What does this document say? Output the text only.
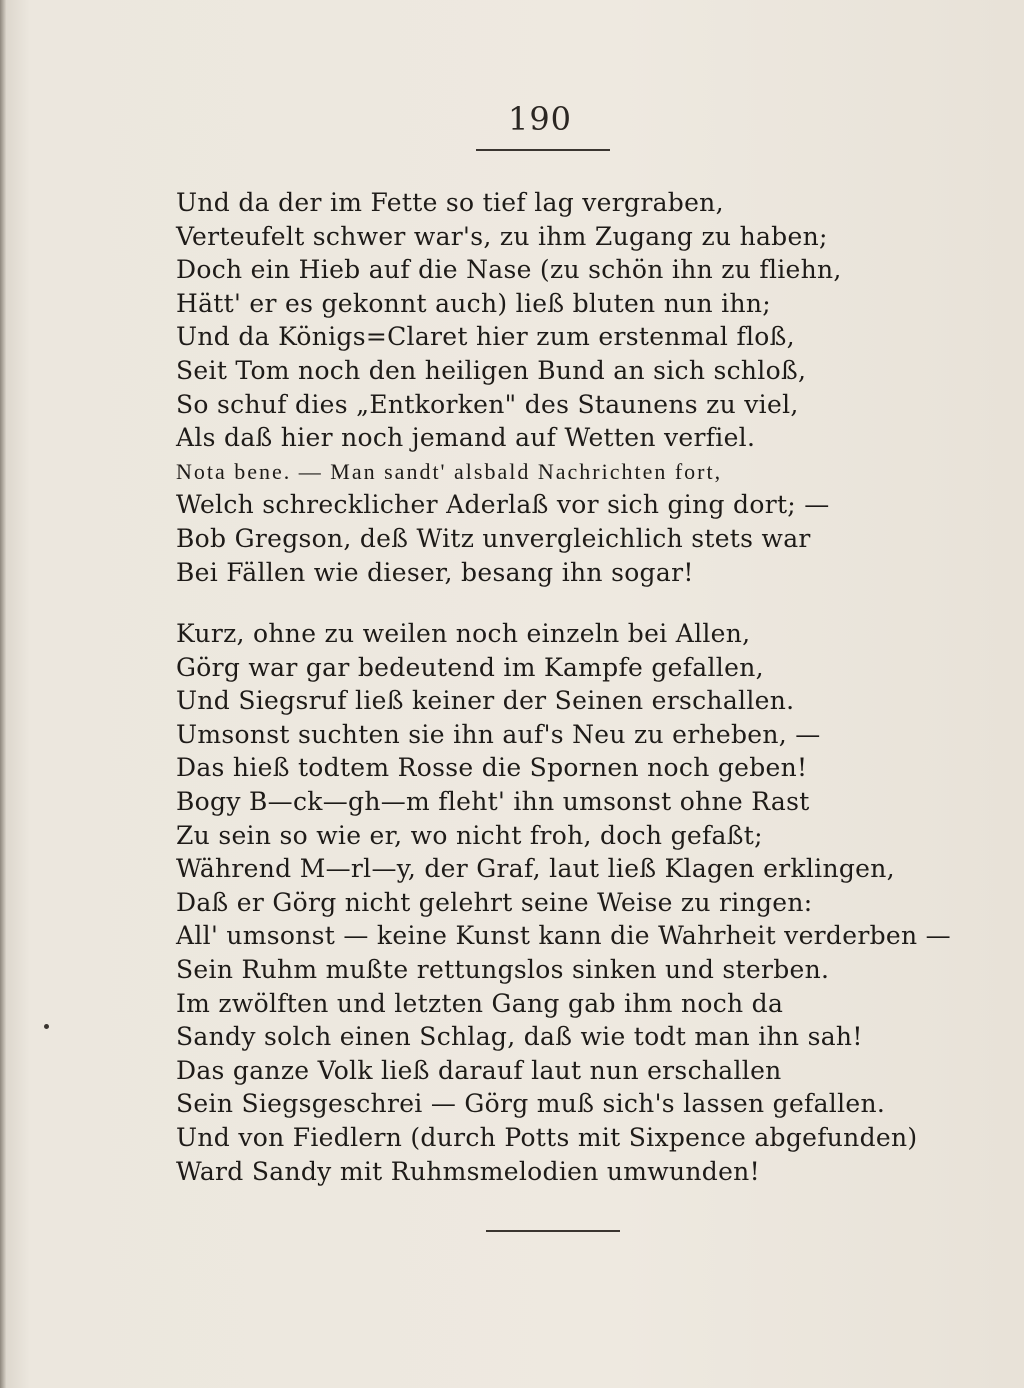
190
Und da der im Fette so tief lag vergraben,
Verteufelt schwer war's, zu ihm Zugang zu haben;
Doch ein Hieb auf die Nase (zu schön ihn zu fliehn,
Hätt' er es gekonnt auch) ließ bluten nun ihn;
Und da Königs=Claret hier zum erstenmal floß,
Seit Tom noch den heiligen Bund an sich schloß,
So schuf dies „Entkorken" des Staunens zu viel,
Als daß hier noch jemand auf Wetten verfiel.
Nota bene. — Man sandt' alsbald Nachrichten fort,
Welch schrecklicher Aderlaß vor sich ging dort; —
Bob Gregson, deß Witz unvergleichlich stets war
Bei Fällen wie dieser, besang ihn sogar!
Kurz, ohne zu weilen noch einzeln bei Allen,
Görg war gar bedeutend im Kampfe gefallen,
Und Siegsruf ließ keiner der Seinen erschallen.
Umsonst suchten sie ihn auf's Neu zu erheben, —
Das hieß todtem Rosse die Spornen noch geben!
Bogy B—ck—gh—m fleht' ihn umsonst ohne Rast
Zu sein so wie er, wo nicht froh, doch gefaßt;
Während M—rl—y, der Graf, laut ließ Klagen erklingen,
Daß er Görg nicht gelehrt seine Weise zu ringen:
All' umsonst — keine Kunst kann die Wahrheit verderben —
Sein Ruhm mußte rettungslos sinken und sterben.
Im zwölften und letzten Gang gab ihm noch da
Sandy solch einen Schlag, daß wie todt man ihn sah!
Das ganze Volk ließ darauf laut nun erschallen
Sein Siegsgeschrei — Görg muß sich's lassen gefallen.
Und von Fiedlern (durch Potts mit Sixpence abgefunden)
Ward Sandy mit Ruhmsmelodien umwunden!
